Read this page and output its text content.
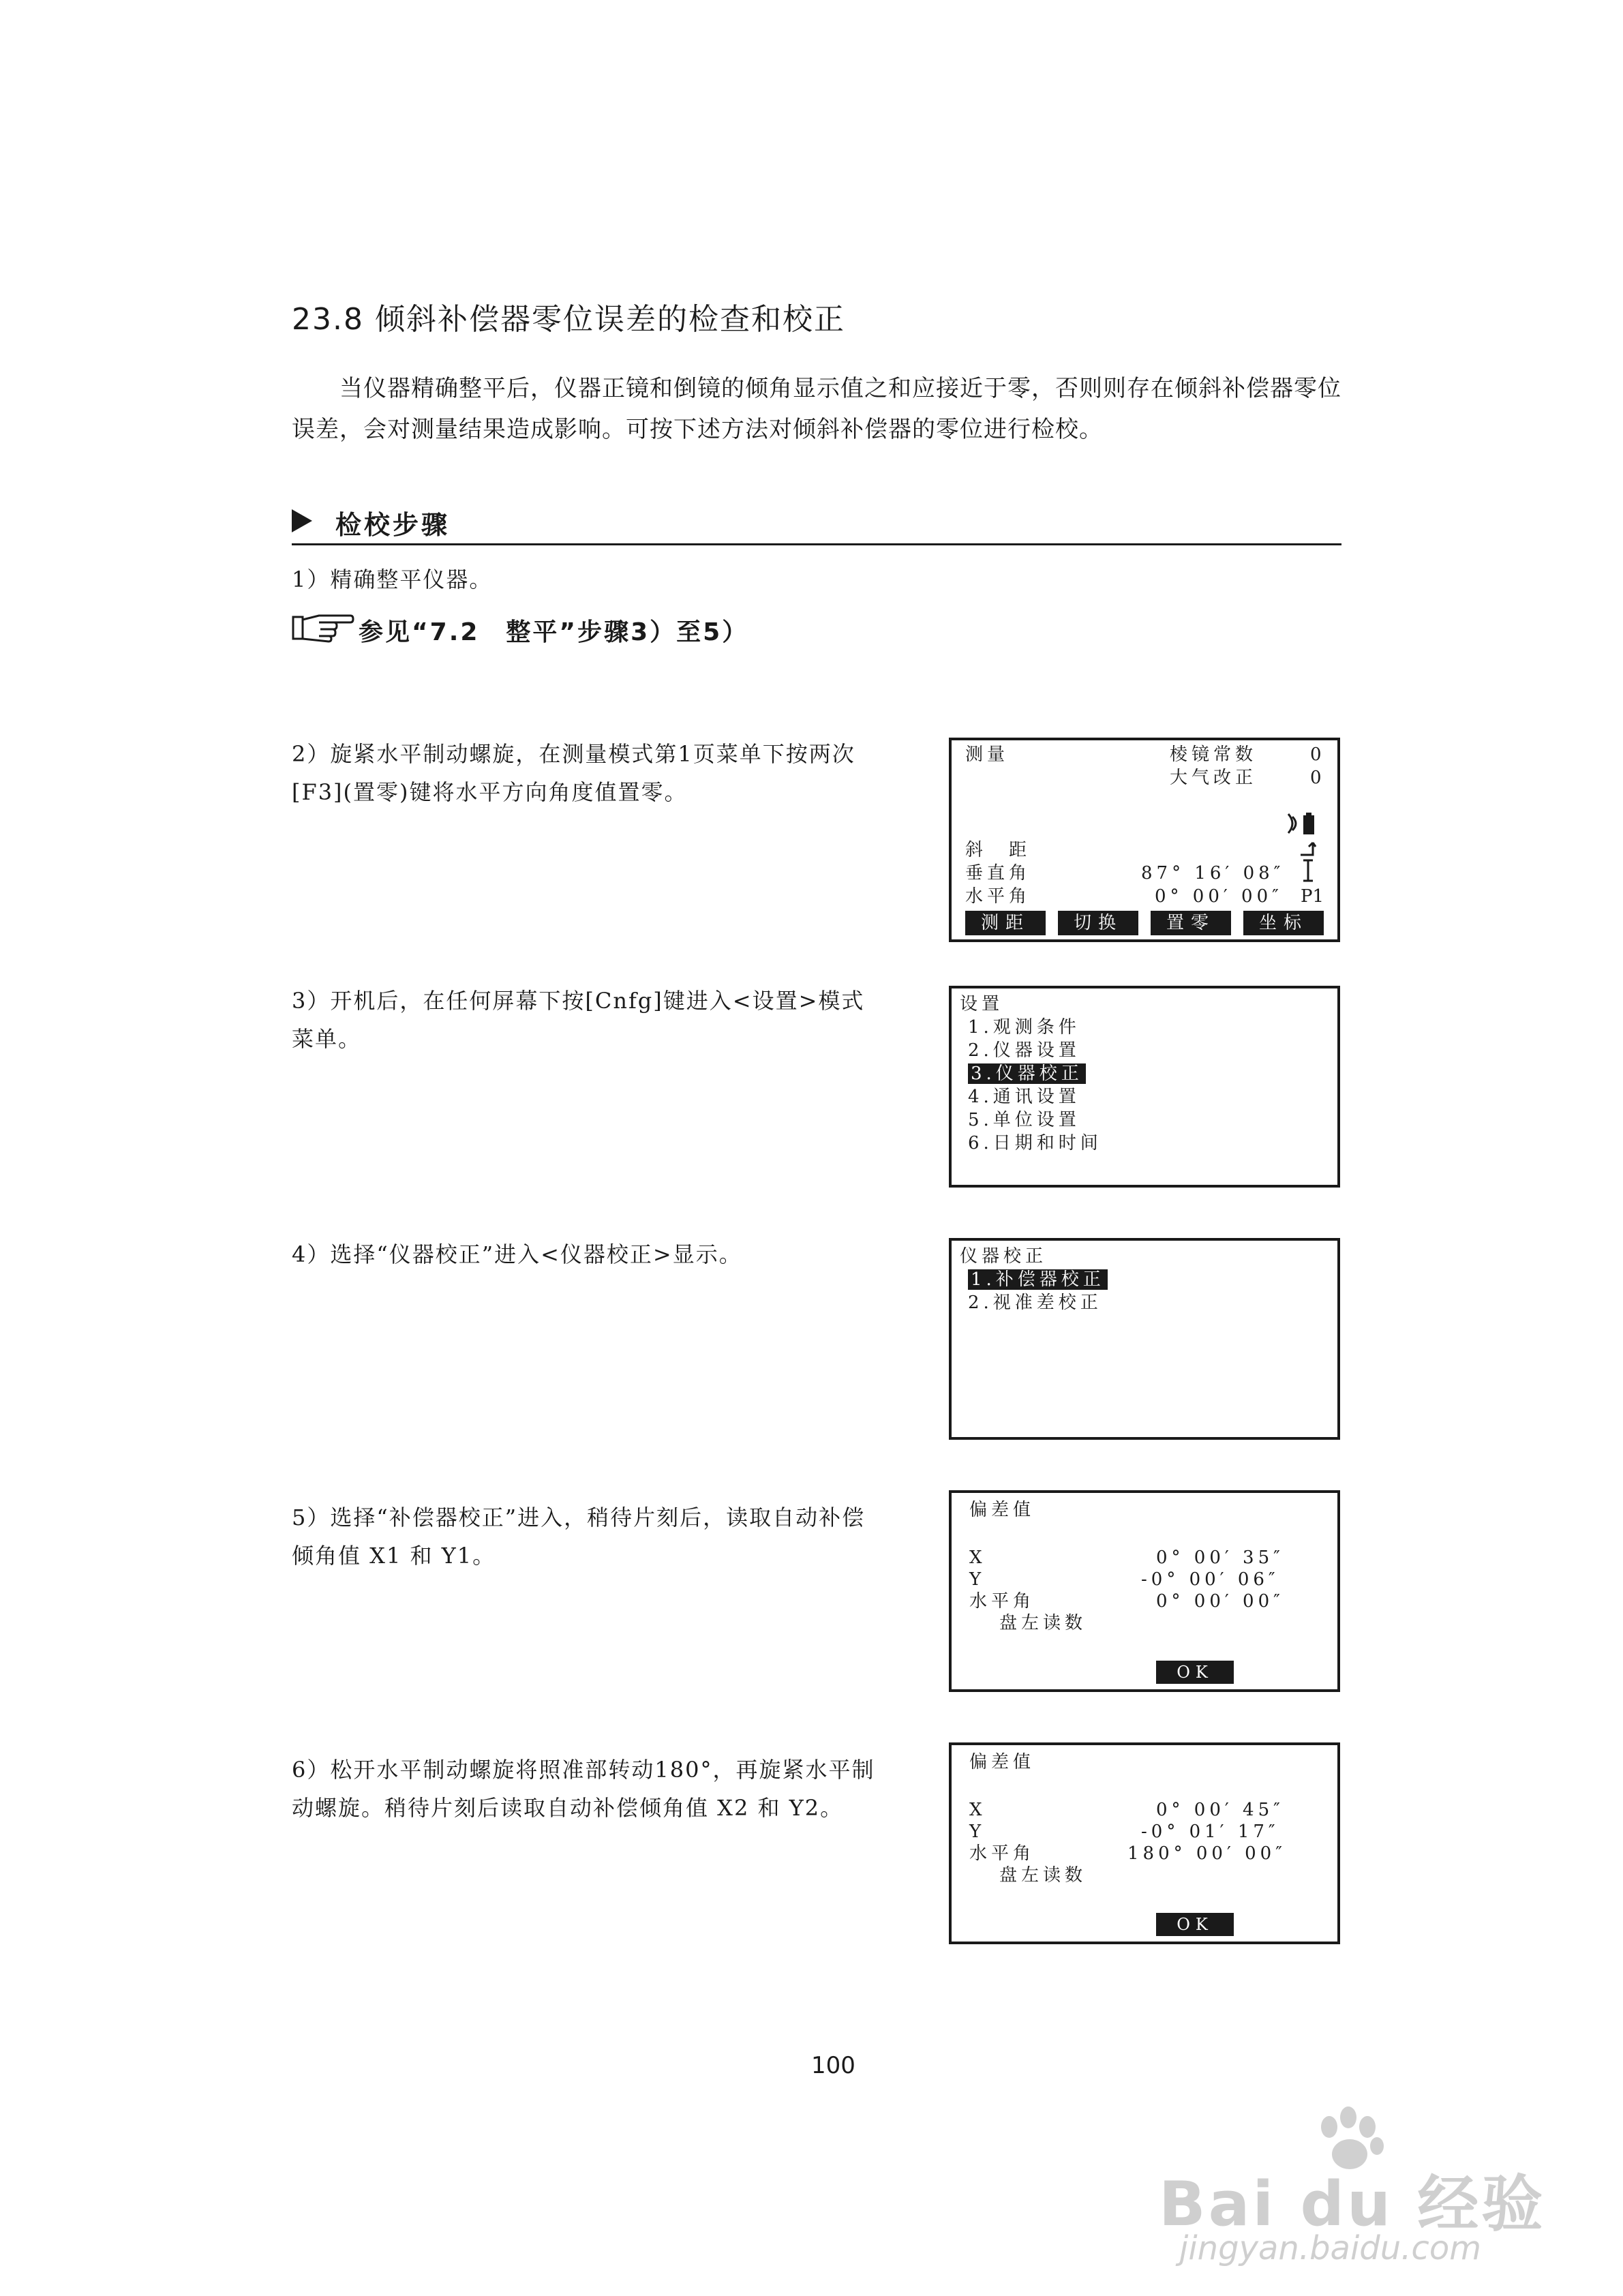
23.8 倾斜补偿器零位误差的检查和校正

当仪器精确整平后，仪器正镜和倒镜的倾角显示值之和应接近于零，否则则存在倾斜补偿器零位误差，会对测量结果造成影响。可按下述方法对倾斜补偿器的零位进行检校。

检校步骤
1）精确整平仪器。
参见“7.2　整平”步骤3）至5）
2）旋紧水平制动螺旋，在测量模式第1页菜单下按两次[F3](置零)键将水平方向角度值置零。
测量	棱镜常数	0
大气改正	0
斜　距
垂直角	87° 16′ 08″
水平角	0° 00′ 00″ P1
测距	切换	置零	坐标
3）开机后，在任何屏幕下按[Cnfg]键进入<设置>模式菜单。
设置
1.观测条件
2.仪器设置
3.仪器校正
4.通讯设置
5.单位设置
6.日期和时间
4）选择“仪器校正”进入<仪器校正>显示。	仪器校正
1.补偿器校正
2.视准差校正
5）选择“补偿器校正”进入，稍待片刻后，读取自动补偿倾角值 X1 和 Y1。
偏差值
X	0° 00′ 35″
Y	-0° 00′ 06″
水平角	0° 00′ 00″
盘左读数
OK
6）松开水平制动螺旋将照准部转动180°，再旋紧水平制动螺旋。稍待片刻后读取自动补偿倾角值 X2 和 Y2。
偏差值
X	0° 00′ 45″
Y	-0° 01′ 17″
水平角	180° 00′ 00″
盘左读数
OK
100
Bai du 经验
jingyan.baidu.com
